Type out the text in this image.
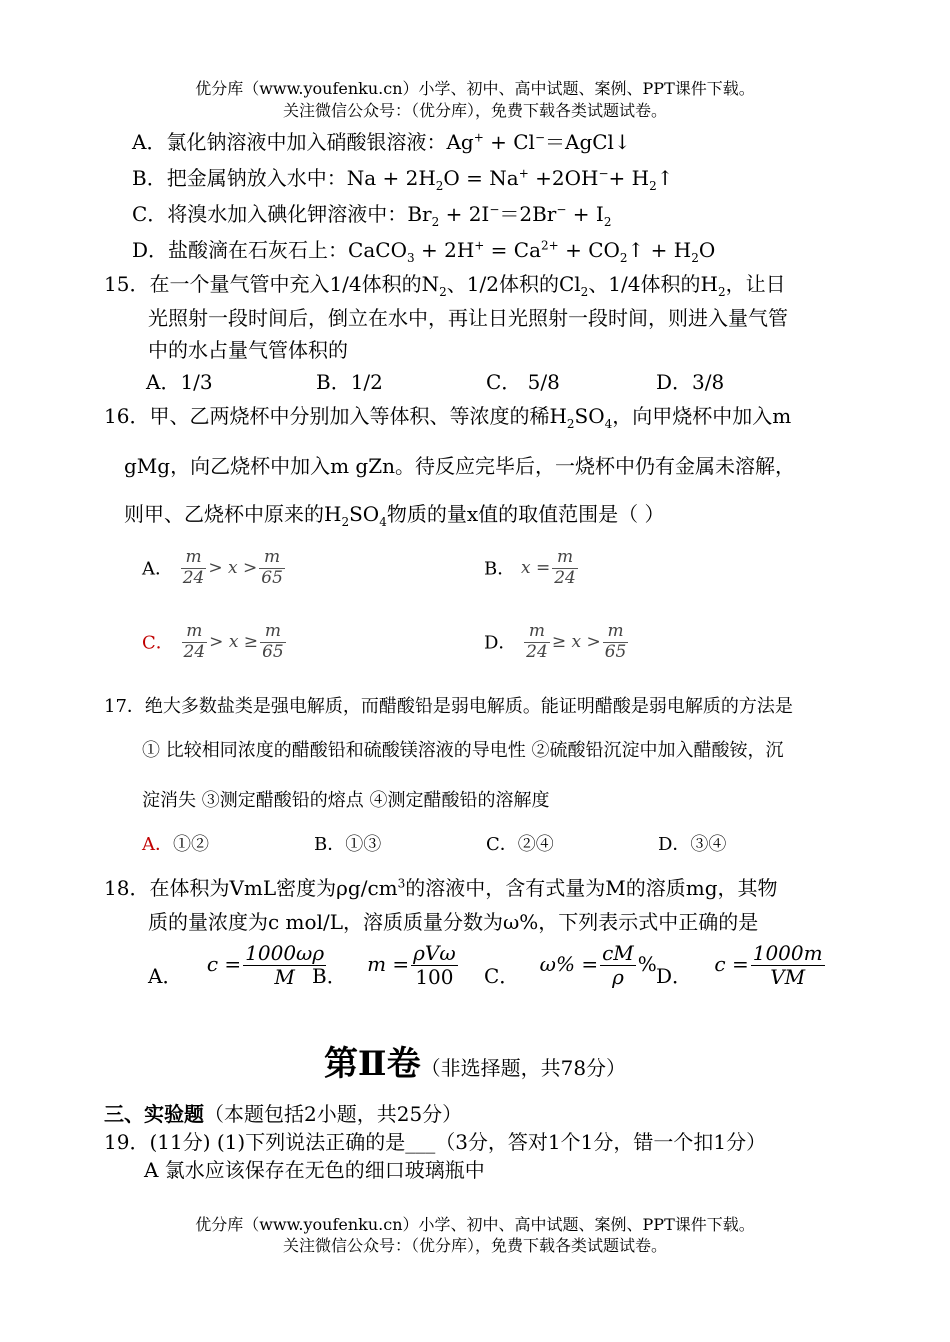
优分库（www.youfenku.cn）小学、初中、高中试题、案例、PPT课件下载。
关注微信公众号：（优分库），免费下载各类试题试卷。
A．氯化钠溶液中加入硝酸银溶液：Ag+ + Cl−＝AgCl↓
B．把金属钠放入水中：$Na + 2H_2O = Na^+ +2OH^-+$ $H_2↑$
C．将溴水加入碘化钾溶液中：$Br_2 + 2I^-=2Br^- + I_2$
D．盐酸滴在石灰石上：CaCO$_3$ + $2H^+ = Ca^{2+}$ + $CO_2↑ + H_2O$
15．在一个量气管中充入1/4体积的$N_2$、1/2体积的$Cl_2$、1/4体积的$H_2$，让日
光照射一段时间后，倒立在水中，再让日光照射一段时间，则进入量气管
中的水占量气管体积的
A．1/3	B．1/2	C． 5/8	D．3/8
16．甲、乙两烧杯中分别加入等体积、等浓度的稀$H_2SO_4$，向甲烧杯中加入m
gMg，向乙烧杯中加入m gZn。待反应完毕后，一烧杯中仍有金属未溶解，
则甲、乙烧杯中原来的$H_2SO_4$物质的量x值的取值范围是（ ）
A． $\frac{m}{24} > x > \frac{m}{65}$	B． $x = \frac{m}{24}$
C． $\frac{m}{24} > x \ge \frac{m}{65}$	D． $\frac{m}{24} \ge x > \frac{m}{65}$
17．绝大多数盐类是强电解质，而醋酸铅是弱电解质。能证明醋酸是弱电解质的方法是
① 比较相同浓度的醋酸铅和硫酸镁溶液的导电性 ②硫酸铅沉淀中加入醋酸铵，沉
淀消失 ③测定醋酸铅的熔点 ④测定醋酸铅的溶解度
A．①②	B．①③	C．②④	D．③④
18．在体积为VmL密度为$\rho g/cm^3$的溶液中，含有式量为M的溶质mg，其物
质的量浓度为c mol/L，溶质质量分数为ω%，下列表示式中正确的是
A． $c = \frac{1000\omega\rho}{M}$
B． $m = \frac{\text{ρVω}}{100}$ C． $\omega\% = \frac{cM}{\rho}$ % D． $c = \frac{1000m}{VM}$
第Ⅱ卷（非选择题，共78分）
三、实验题（本题包括2小题，共25分）
19．(11分) (1)下列说法正确的是___（3分，答对1个1分，错一个扣1分）
A 氯水应该保存在无色的细口玻璃瓶中
优分库（www.youfenku.cn）小学、初中、高中试题、案例、PPT课件下载。
关注微信公众号：（优分库），免费下载各类试题试卷。
